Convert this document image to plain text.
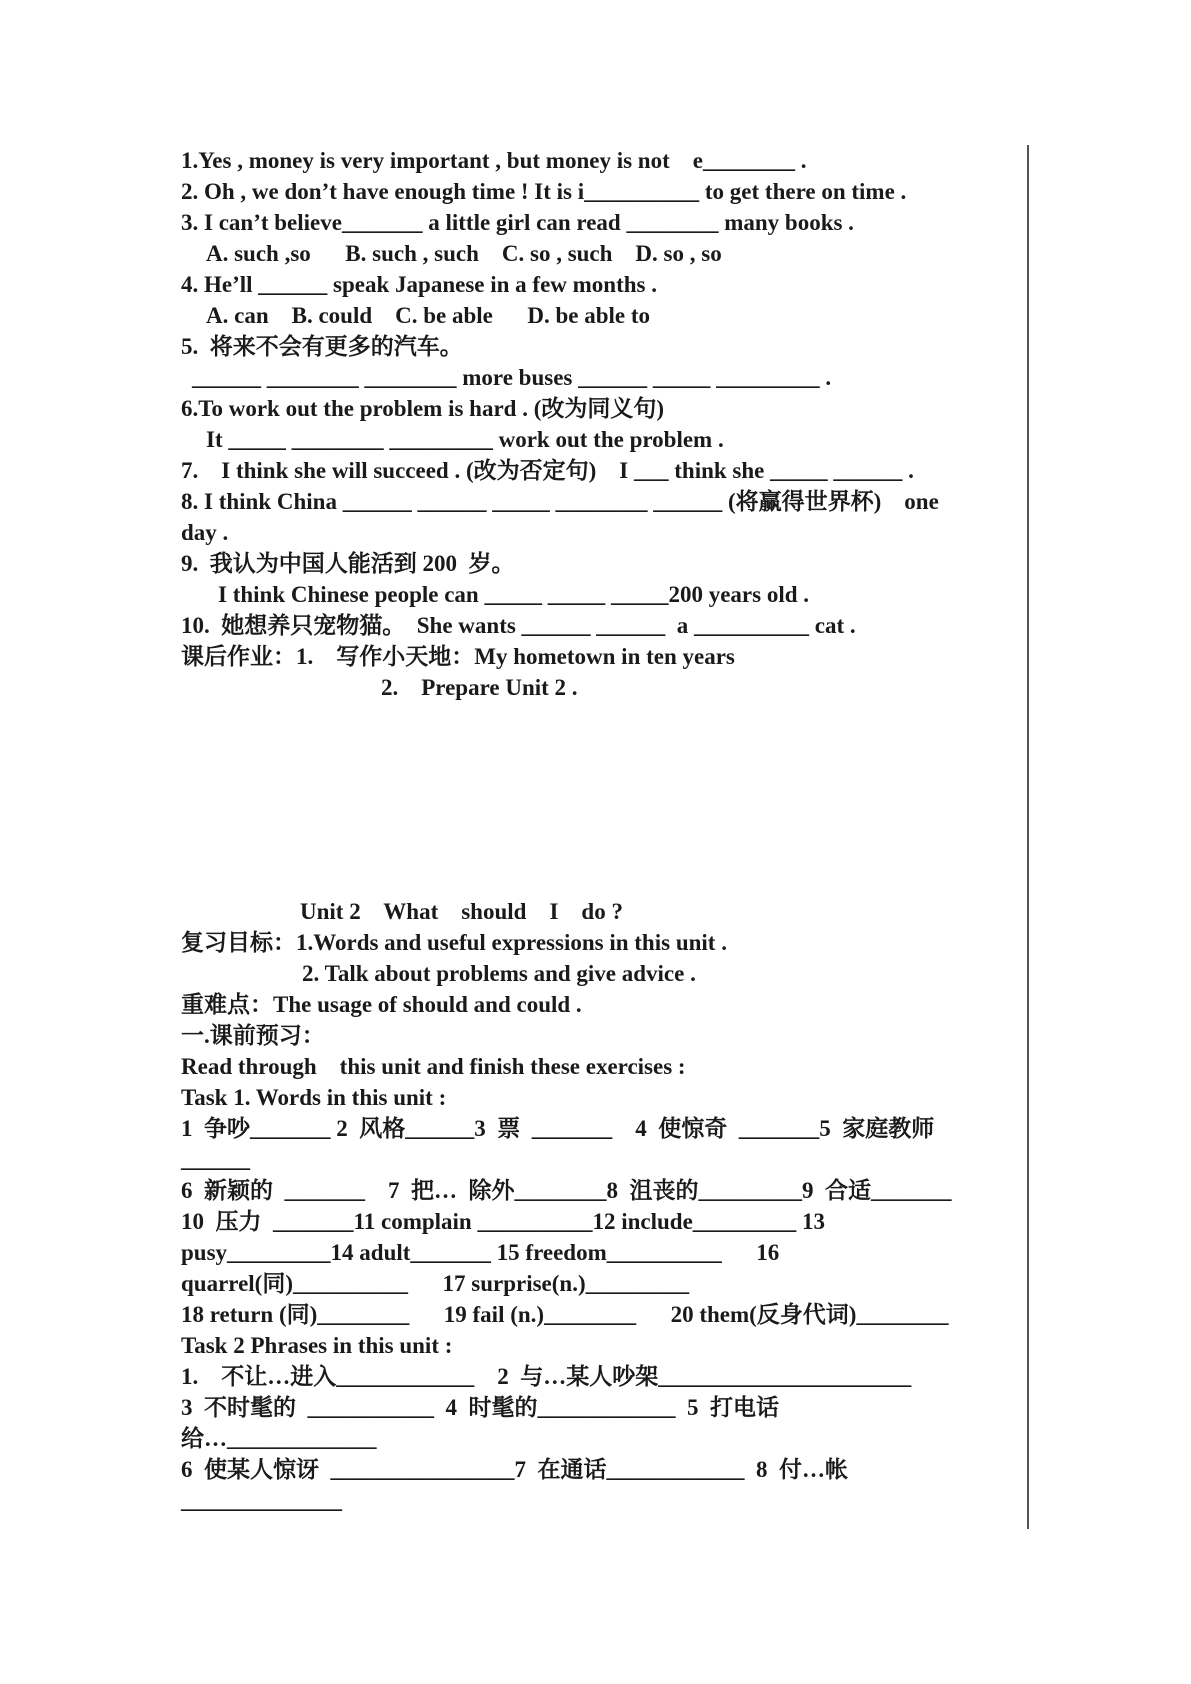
1.Yes , money is very important , but money is not    e________ .
2. Oh , we don’t have enough time ! It is i__________ to get there on time .
3. I can’t believe_______ a little girl can read ________ many books .
A. such ,so      B. such , such    C. so , such    D. so , so
4. He’ll ______ speak Japanese in a few months .
A. can    B. could    C. be able      D. be able to
5.  将来不会有更多的汽车。
______ ________ ________ more buses ______ _____ _________ .
6.To work out the problem is hard . (改为同义句)
It _____ ________ _________ work out the problem .
7.    I think she will succeed . (改为否定句)    I ___ think she _____ ______ .
8. I think China ______ ______ _____ ________ ______ (将赢得世界杯)    one
day .
9.  我认为中国人能活到 200  岁。
I think Chinese people can _____ _____ _____200 years old .
10.  她想养只宠物猫。  She wants ______ ______  a __________ cat .
课后作业：1.    写作小天地：My hometown in ten years
2.    Prepare Unit 2 .
Unit 2    What    should    I    do ?
复习目标：1.Words and useful expressions in this unit .
2. Talk about problems and give advice .
重难点：The usage of should and could .
一.课前预习：
Read through    this unit and finish these exercises :
Task 1. Words in this unit :
1  争吵_______ 2  风格______3  票  _______    4  使惊奇  _______5  家庭教师
______
6  新颖的  _______    7  把…  除外________8  沮丧的_________9  合适_______
10  压力  _______11 complain __________12 include_________ 13
pusy_________14 adult_______ 15 freedom__________      16
quarrel(同)__________      17 surprise(n.)_________
18 return (同)________      19 fail (n.)________      20 them(反身代词)________
Task 2 Phrases in this unit :
1.    不让…进入____________    2  与…某人吵架______________________
3  不时髦的  ___________  4  时髦的____________  5  打电话
给…_____________
6  使某人惊讶  ________________7  在通话____________  8  付…帐
______________
